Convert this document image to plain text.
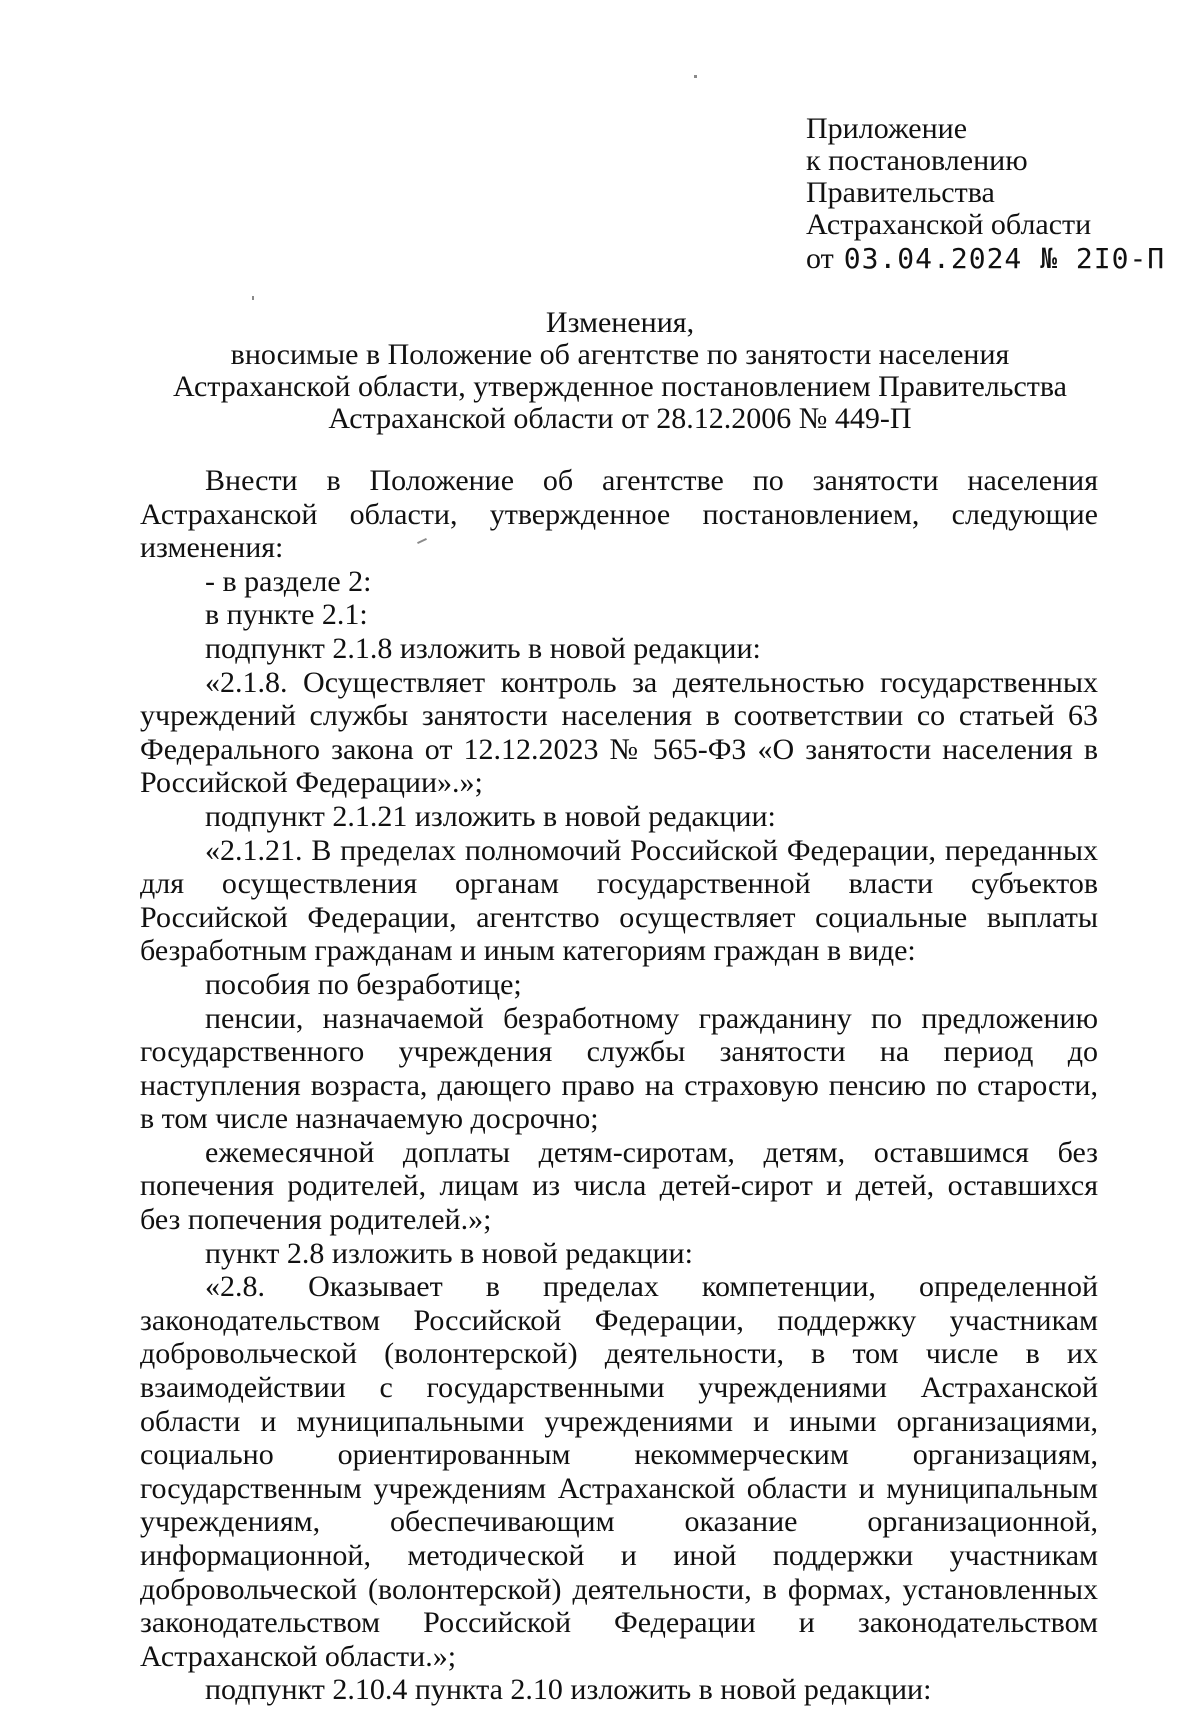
Приложение
к постановлению
Правительства
Астраханской области
от 03.04.2024 № 2I0-П
Изменения,
вносимые в Положение об агентстве по занятости населения
Астраханской области, утвержденное постановлением Правительства
Астраханской области от 28.12.2006 № 449-П

Внести в Положение об агентстве по занятости населения Астраханской области, утвержденное постановлением, следующие изменения:

- в разделе 2:

в пункте 2.1:

подпункт 2.1.8 изложить в новой редакции:

«2.1.8. Осуществляет контроль за деятельностью государственных учреждений службы занятости населения в соответствии со статьей 63 Федерального закона от 12.12.2023 № 565-ФЗ «О занятости населения в Российской Федерации».»;

подпункт 2.1.21 изложить в новой редакции:

«2.1.21. В пределах полномочий Российской Федерации, переданных для осуществления органам государственной власти субъектов Российской Федерации, агентство осуществляет социальные выплаты безработным гражданам и иным категориям граждан в виде:

пособия по безработице;

пенсии, назначаемой безработному гражданину по предложению государственного учреждения службы занятости на период до наступления возраста, дающего право на страховую пенсию по старости, в том числе назначаемую досрочно;

ежемесячной доплаты детям-сиротам, детям, оставшимся без попечения родителей, лицам из числа детей-сирот и детей, оставшихся без попечения родителей.»;

пункт 2.8 изложить в новой редакции:

«2.8. Оказывает в пределах компетенции, определенной законодательством Российской Федерации, поддержку участникам добровольческой (волонтерской) деятельности, в том числе в их взаимодействии с государственными учреждениями Астраханской области и муниципальными учреждениями и иными организациями, социально ориентированным некоммерческим организациям, государственным учреждениям Астраханской области и муниципальным учреждениям, обеспечивающим оказание организационной, информационной, методической и иной поддержки участникам добровольческой (волонтерской) деятельности, в формах, установленных законодательством Российской Федерации и законодательством Астраханской области.»;

подпункт 2.10.4 пункта 2.10 изложить в новой редакции:
